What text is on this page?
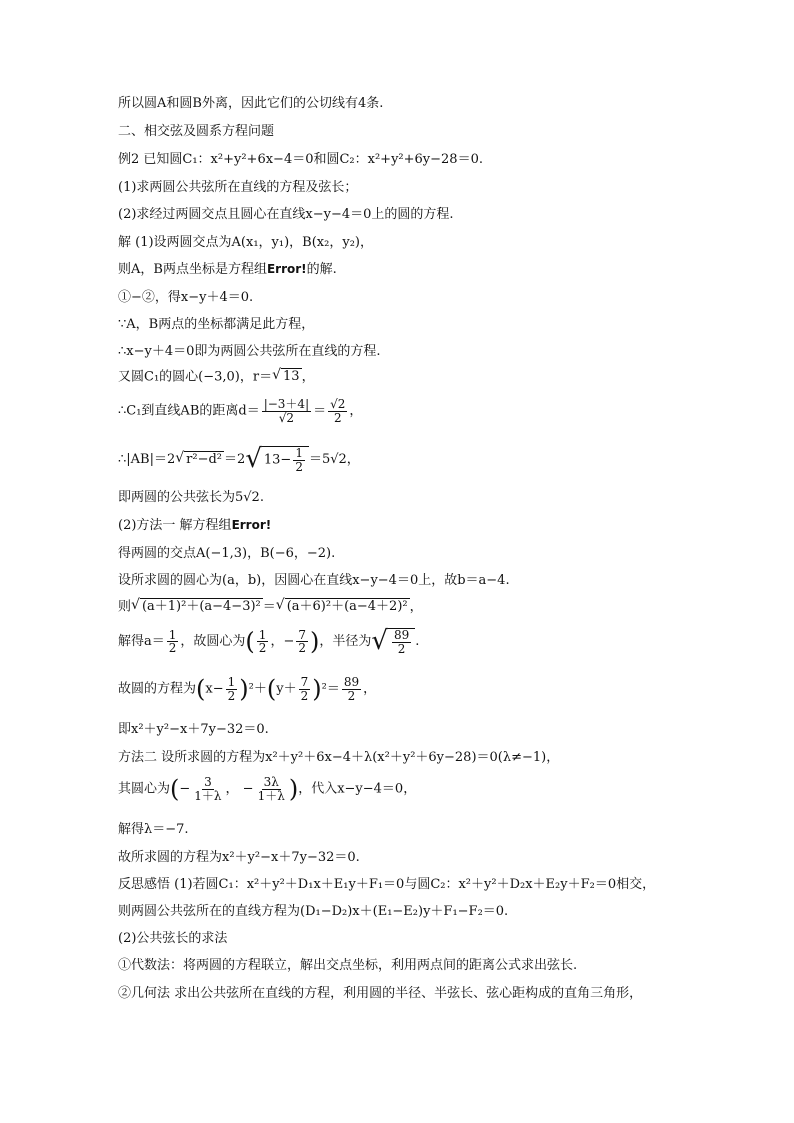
所以圆A和圆B外离，因此它们的公切线有4条.
二、相交弦及圆系方程问题
例2 已知圆C₁：x²+y²+6x−4＝0和圆C₂：x²+y²+6y−28＝0.
(1)求两圆公共弦所在直线的方程及弦长；
(2)求经过两圆交点且圆心在直线x−y−4＝0上的圆的方程.
解 (1)设两圆交点为A(x₁，y₁)，B(x₂，y₂)，
则A，B两点坐标是方程组Error!的解.
①−②，得x−y＋4＝0.
∵A，B两点的坐标都满足此方程，
∴x−y＋4＝0即为两圆公共弦所在直线的方程.
又圆C₁的圆心(−3,0)，r＝ √ 13 ，
∴C₁到直线AB的距离$d= \frac{|-3+4|}{√2} = \frac{√2}{2}$ ，
∴|AB|＝2 √ r²−d² ＝2 √ $13- \frac{1}{2} =5√2$，
即两圆的公共弦长为5√2.
(2)方法一 解方程组Error!
得两圆的交点A(−1,3)，B(−6，−2).
设所求圆的圆心为(a，b)，因圆心在直线x−y−4＝0上，故b＝a−4.
则 √ (a＋1)²＋(a−4−3)² ＝ √ (a＋6)²＋(a−4＋2)² ，
解得$a= \frac{1}{2}$ ，故圆心为( $\frac{1}{2}$ ，− $\frac{7}{2}$ )，半径为 √ $\frac{89}{2}$ .
故圆的方程为$(x- \frac{1}{2} )^2+(y+ \frac{7}{2} )^2= \frac{89}{2}$ ，
即x²＋y²−x＋7y−32＝0.
方法二 设所求圆的方程为x²＋y²＋6x−4＋λ(x²＋y²＋6y−28)＝0(λ≠−1)，
其圆心为(− $\frac{3}{1+\lambda}$ ， − $\frac{3\lambda}{1+\lambda}$ )，代入x−y−4＝0，
解得λ＝−7.
故所求圆的方程为x²＋y²−x＋7y−32＝0.
反思感悟 (1)若圆C₁：x²＋y²＋D₁x＋E₁y＋F₁＝0与圆C₂：x²＋y²＋D₂x＋E₂y＋F₂＝0相交，
则两圆公共弦所在的直线方程为(D₁−D₂)x＋(E₁−E₂)y＋F₁−F₂＝0.
(2)公共弦长的求法
①代数法：将两圆的方程联立，解出交点坐标，利用两点间的距离公式求出弦长.
②几何法 求出公共弦所在直线的方程，利用圆的半径、半弦长、弦心距构成的直角三角形，
